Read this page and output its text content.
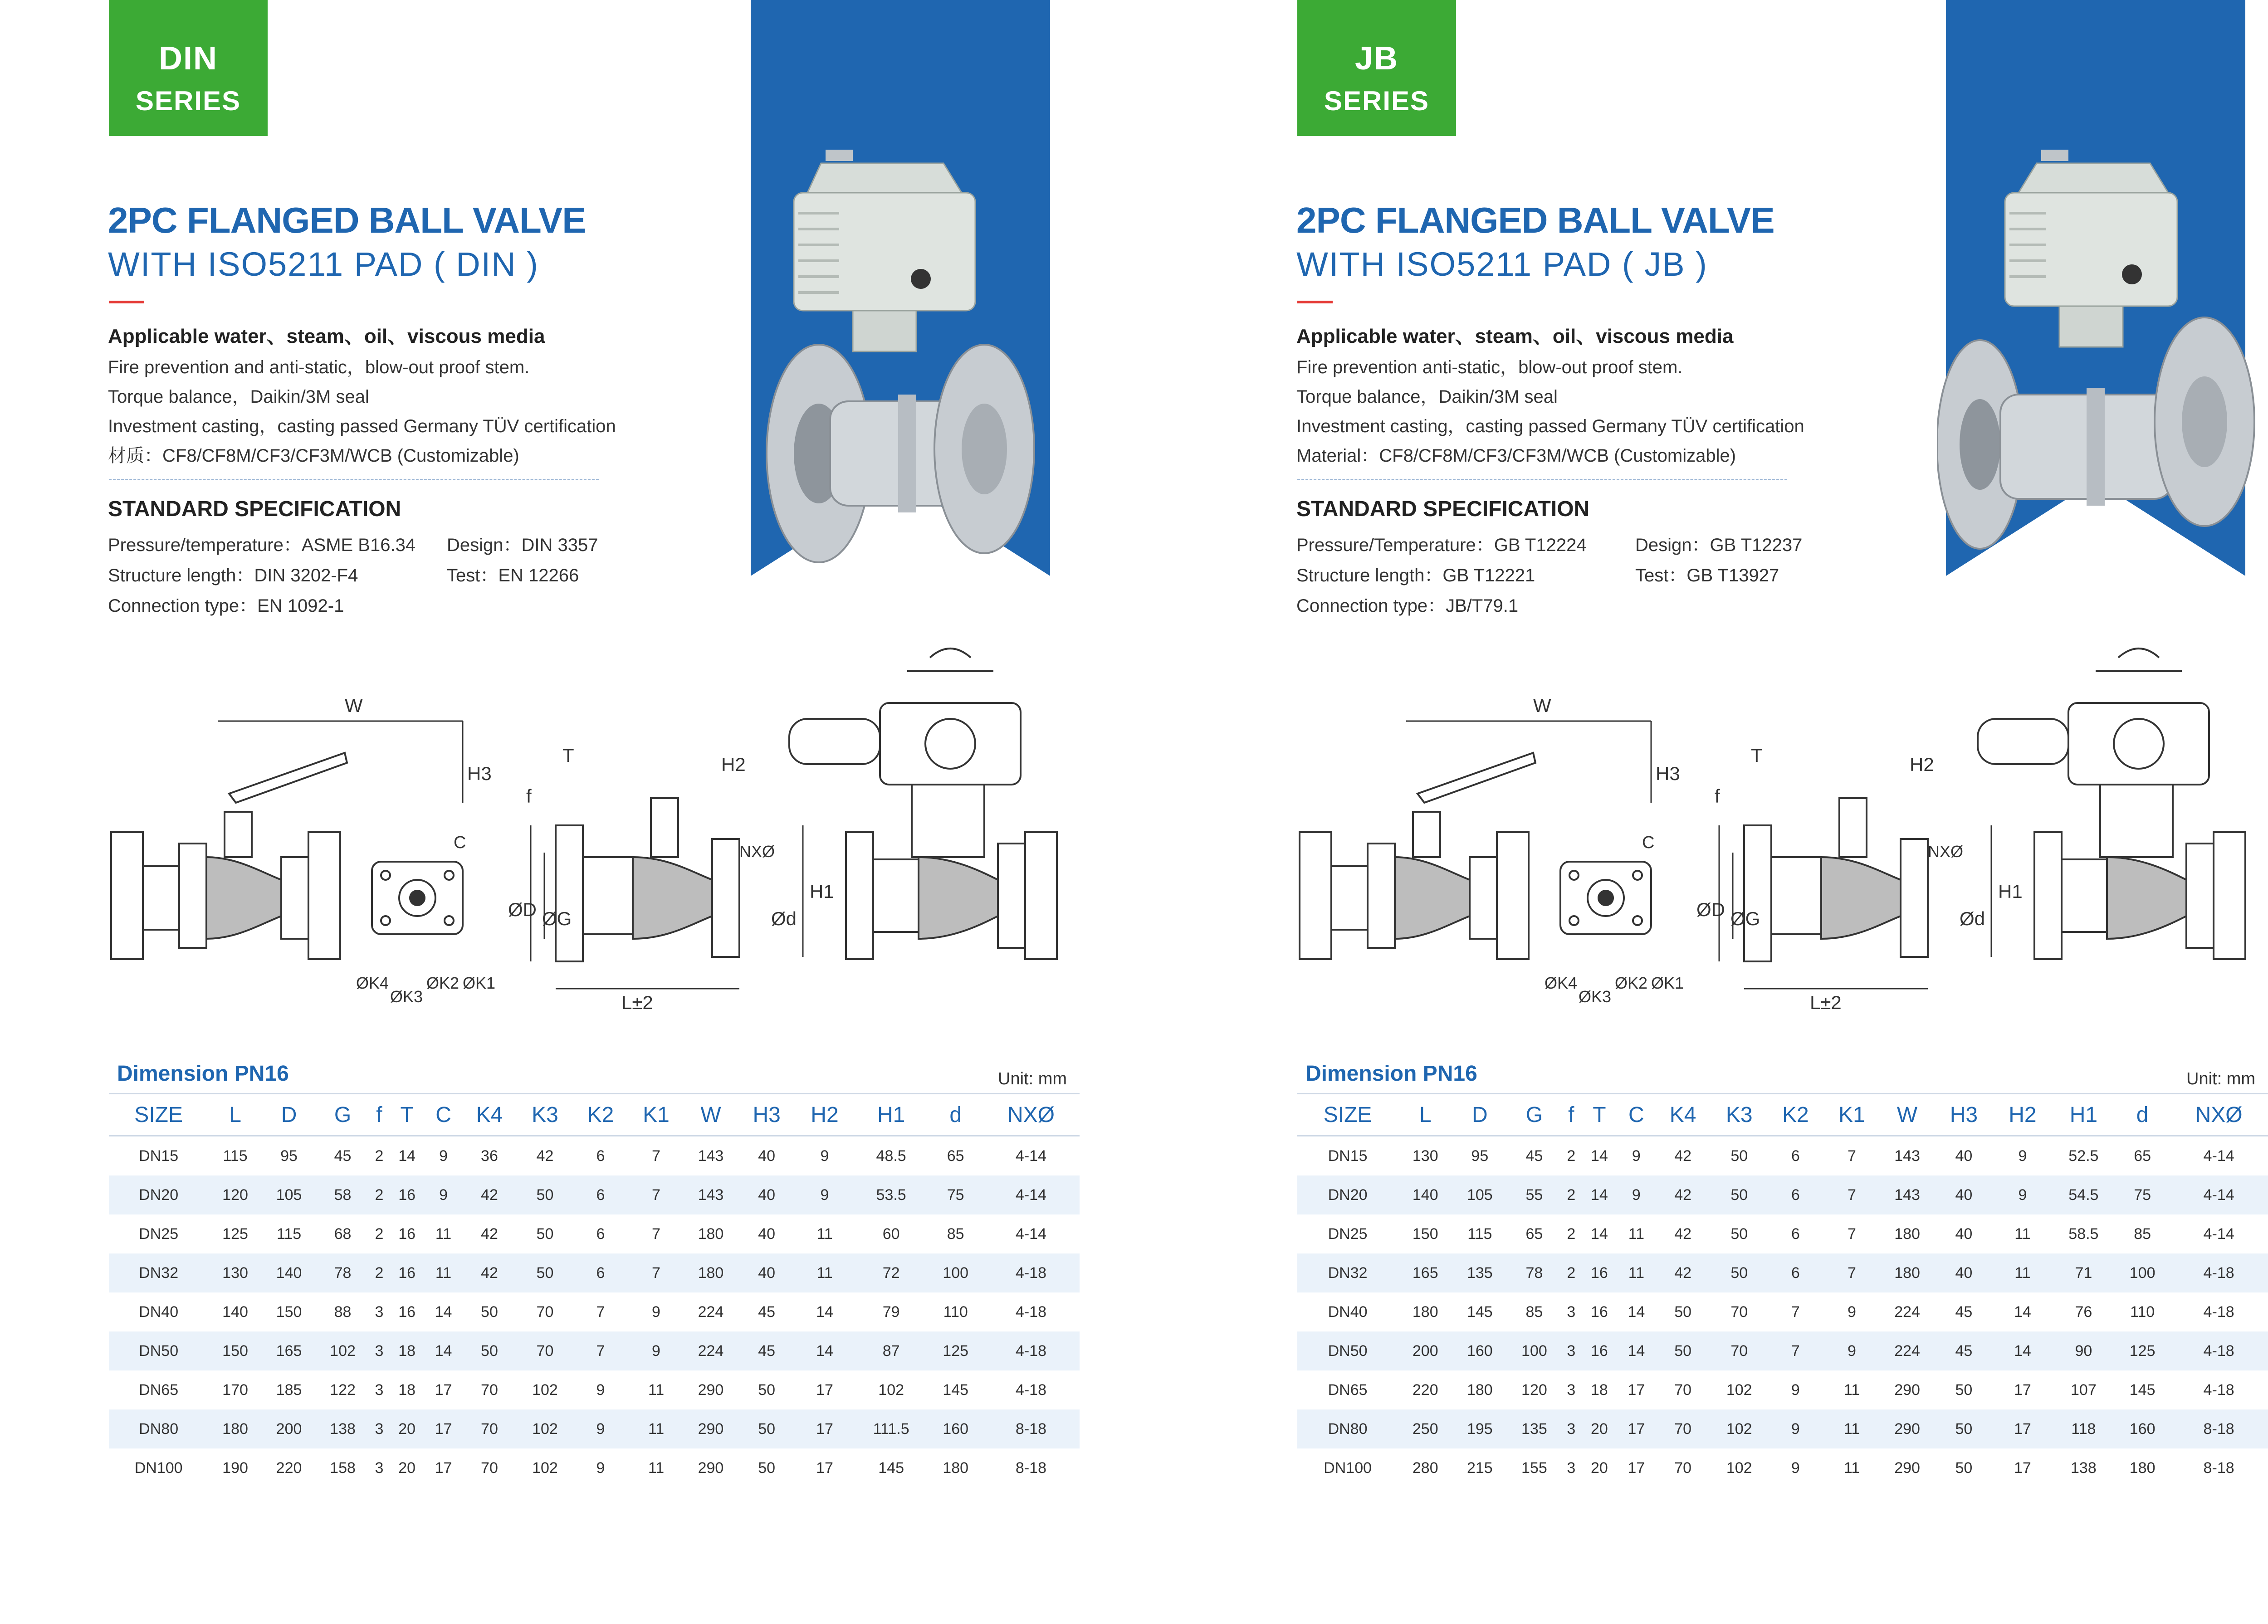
DIN
SERIES
2PC FLANGED BALL VALVE
WITH ISO5211 PAD ( DIN )
Applicable water、steam、oil、viscous media
Fire prevention and anti-static，blow-out proof stem.
Torque balance，Daikin/3M seal
Investment casting，casting passed Germany TÜV certification
材质：CF8/CF8M/CF3/CF3M/WCB (Customizable)
STANDARD SPECIFICATION
Pressure/temperature：ASME B16.34 Design：DIN 3357
Structure length：DIN 3202-F4	Test：EN 12266
Connection type：EN 1092-1
W
H3
C
ØK4
ØK3
ØK2 ØK1
T
f
H2
NXØ
H1
ØD ØG	Ød
L±2
Dimension PN16	Unit: mm
SIZE	L	D	G	f	T	C	K4	K3	K2	K1	W	H3	H2	H1	d	NXØ
DN15	115	95	45	2	14	9	36	42	6	7	143	40	9	48.5	65	4-14
DN20	120	105	58	2	16	9	42	50	6	7	143	40	9	53.5	75	4-14
DN25	125	115	68	2	16	11	42	50	6	7	180	40	11	60	85	4-14
DN32	130	140	78	2	16	11	42	50	6	7	180	40	11	72	100	4-18
DN40	140	150	88	3	16	14	50	70	7	9	224	45	14	79	110	4-18
DN50	150	165	102	3	18	14	50	70	7	9	224	45	14	87	125	4-18
DN65	170	185	122	3	18	17	70	102	9	11	290	50	17	102	145	4-18
DN80	180	200	138	3	20	17	70	102	9	11	290	50	17	111.5	160	8-18
DN100	190	220	158	3	20	17	70	102	9	11	290	50	17	145	180	8-18
JB
SERIES
2PC FLANGED BALL VALVE
WITH ISO5211 PAD ( JB )
Applicable water、steam、oil、viscous media
Fire prevention anti-static，blow-out proof stem.
Torque balance，Daikin/3M seal
Investment casting，casting passed Germany TÜV certification
Material：CF8/CF8M/CF3/CF3M/WCB (Customizable)
STANDARD SPECIFICATION
Pressure/Temperature：GB T12224	Design：GB T12237
Structure length：GB T12221	Test：GB T13927
Connection type：JB/T79.1
W
H3
C
ØK4
ØK3
ØK2 ØK1
T
f
H2
NXØ
H1
ØD ØG	Ød
L±2
Dimension PN16	Unit: mm
SIZE	L	D	G	f	T	C	K4	K3	K2	K1	W	H3	H2	H1	d	NXØ
DN15	130	95	45	2	14	9	42	50	6	7	143	40	9	52.5	65	4-14
DN20	140	105	55	2	14	9	42	50	6	7	143	40	9	54.5	75	4-14
DN25	150	115	65	2	14	11	42	50	6	7	180	40	11	58.5	85	4-14
DN32	165	135	78	2	16	11	42	50	6	7	180	40	11	71	100	4-18
DN40	180	145	85	3	16	14	50	70	7	9	224	45	14	76	110	4-18
DN50	200	160	100	3	16	14	50	70	7	9	224	45	14	90	125	4-18
DN65	220	180	120	3	18	17	70	102	9	11	290	50	17	107	145	4-18
DN80	250	195	135	3	20	17	70	102	9	11	290	50	17	118	160	8-18
DN100	280	215	155	3	20	17	70	102	9	11	290	50	17	138	180	8-18
